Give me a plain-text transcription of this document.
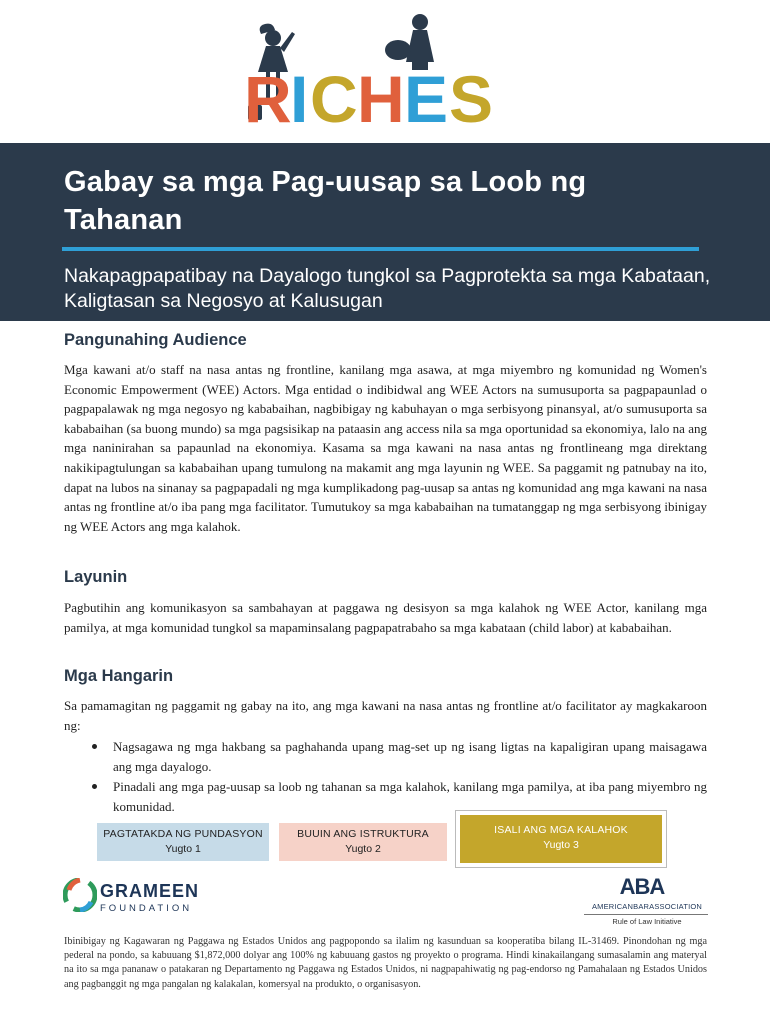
R
I C H E S
Gabay sa mga Pag-uusap sa Loob ng Tahanan
Nakapagpapatibay na Dayalogo tungkol sa Pagprotekta sa mga Kabataan, Kaligtasan sa Negosyo at Kalusugan
Pangunahing Audience

Mga kawani at/o staff na nasa antas ng frontline, kanilang mga asawa, at mga miyembro ng komunidad ng Women's Economic Empowerment (WEE) Actors. Mga entidad o indibidwal ang WEE Actors na sumusuporta sa pagpapaunlad o pagpapalawak ng mga negosyo ng kababaihan, nagbibigay ng kabuhayan o mga serbisyong pinansyal, at/o sumusuporta sa kababaihan (sa buong mundo) sa mga pagsisikap na pataasin ang access nila sa mga oportunidad sa ekonomiya, lalo na ang mga naninirahan sa papaunlad na ekonomiya. Kasama sa mga kawani na nasa antas ng frontlineang mga direktang nakikipagtulungan sa kababaihan upang tumulong na makamit ang mga layunin ng WEE. Sa paggamit ng patnubay na ito, dapat na lubos na sinanay sa pagpapadali ng mga kumplikadong pag-uusap sa antas ng komunidad ang mga kawani na nasa antas ng frontline at/o iba pang mga facilitator. Tumutukoy sa mga kababaihan na tumatanggap ng mga serbisyong ibinigay ng WEE Actors ang mga kalahok.

Layunin

Pagbutihin ang komunikasyon sa sambahayan at paggawa ng desisyon sa mga kalahok ng WEE Actor, kanilang mga pamilya, at mga komunidad tungkol sa mapaminsalang pagpapatrabaho sa mga kabataan (child labor) at kababaihan.

Mga Hangarin

Sa pamamagitan ng paggamit ng gabay na ito, ang mga kawani na nasa antas ng frontline at/o facilitator ay magkakaroon ng:

Nagsagawa ng mga hakbang sa paghahanda upang mag-set up ng isang ligtas na kapaligiran upang maisagawa ang mga dayalogo.
Pinadali ang mga pag-uusap sa loob ng tahanan sa mga kalahok, kanilang mga pamilya, at iba pang miyembro ng komunidad.
PAGTATAKDA NG PUNDASYON
Yugto 1
BUUIN ANG ISTRUKTURA
Yugto 2
ISALI ANG MGA KALAHOK
Yugto 3
GRAMEEN
FOUNDATION
ABA
AMERICANBARASSOCIATION
Rule of Law Initiative

Ibinibigay ng Kagawaran ng Paggawa ng Estados Unidos ang pagpopondo sa ilalim ng kasunduan sa kooperatiba bilang IL-31469. Pinondohan ng mga pederal na pondo, sa kabuuang $1,872,000 dolyar ang 100% ng kabuuang gastos ng proyekto o programa. Hindi kinakailangang sumasalamin ang materyal na ito sa mga pananaw o patakaran ng Departamento ng Paggawa ng Estados Unidos, ni nagpapahiwatig ng pag-endorso ng Pamahalaan ng Estados Unidos ang pagbanggit ng mga pangalan ng kalakalan, komersyal na produkto, o organisasyon.
